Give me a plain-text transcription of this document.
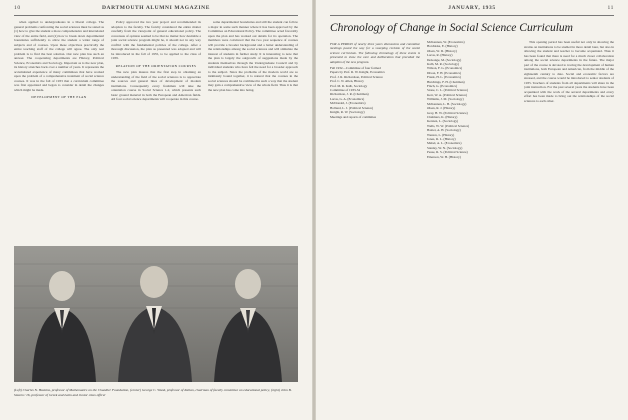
10	DARTMOUTH ALUMNI MAGAZINE

when applied to undergraduates in a liberal college. The general problems confronting the social sciences must be stated as (1) how to give the student a more comprehensive and interrelated view of the entire field, and (2) how to break down departmental boundaries sufficiently to allow the student a wider range of subjects and of courses. Upon these objectives practically the entire teaching staff of the college will agree. The only real problem is to find the best solution. Our new plan has such an answer. The cooperating departments are History, Political Science, Economics and Sociology. Important as is the new plan, its history stretches back over a number of years. It represents the accumulated experience of many committees that have worked upon the problem of a comprehensive treatment of social science courses. It was in the fall of 1933 that a curriculum committee was first appointed and began to consider in detail the changes which might be made.

DEVELOPMENT OF THE PLAN

Policy approved the two year project and recommended its adoption to the faculty. The faculty considered the entire matter carefully from the viewpoint of general educational policy. The concensus of opinion seemed to be that no matter how desirable a joint social science program might be, it should not in any way conflict with the fundamental policies of the college. After a thorough discussion, the plan as presented was adopted and will be introduced in the fall of 1935, to be applied to the class of 1939.

RELATION OF THE ORIENTATION COURSES

The new plan insures that the first step in obtaining an understanding of the field of the social sciences is to appreciate the sources and general lines of development of modern institutions. Consequently every freshman will take the orientation course in Social Science 1-2, which presents such basic ground material in both the European and American fields. All four social science departments will cooperate in this course.

some departmental boundaries and still the student can follow a major in some such manner where it has been approved by the Committee on Educational Policy. The committee acted favorably upon the plan and has worked out details for its operation. The members were convinced that the two year sequence of courses will provide a broader background and a better understanding of the relationships among the social sciences and will stimulate the interest of students in further study. It is interesting to note that the plan is largely the outgrowth of suggestions made by the students themselves through the Undergraduate Council and by individual students who have felt the need for a broader approach to the subject. Since the problems of the modern world are so intimately bound together, it is natural that the courses in the social sciences should be combined in such a way that the student may gain a comprehensive view of the whole field. Thus it is that the new plan has come into being.

(Left) Charles N. Haskins, professor of Mathematics on the Chandler Foundation, (center) George C. Wood, professor of Italian, chairman of faculty committee on educational policy, (right) John B. Stearns '16, professor of Greek and Latin and Junior class officer
JANUARY, 1935	11
Chronology of Change in Social Science Curriculum
FOR A PERIOD of nearly three years discussions and committee meetings paved the way for a sweeping revision of the social science curriculum. The following chronology of these events is presented to show the care and deliberation that preceded the adoption of the new program.
Fall 1932—Committee of four formed
Papers by Prof. R. W. Knight, Economics
Prof. J. R. Richardson, Political Science
Prof. C. N. Allen, History
Prof. M. R. Kalb, Sociology
Committee of 1933-34
Richardson, J. R. (Chairman)
Lucas, G. A. (Economics)
McDonald, J. (Economics)
Holland, L. J. (Political Science)
Knight, R. W. (Sociology)
Meetings and reports of committee
McKennan, W. (Economics)
Hotchkiss, E. (History)
Olsen, W. D. (History)
Lucas, R. (History)
DeGange, M. (Sociology)
Kalb, M. R. (Sociology)
Wilson, F. G. (Economics)
Dixon, F. H. (Economics)
Frank, H. L. (Economics)
Hutchings, F. H. (Chairman)
Finch, G. (Economics)
Stone, C. L. (Political Science)
Kerr, W. A. (Political Science)
Williams, J. M. (Sociology)
McKennan, L. B. (Sociology)
Olsen, R. J. (History)
Gray, H. W. (Political Science)
Chalmers, K. (History)
Kersten, L. (Sociology)
Wells, W. W. (Political Science)
Baxter, A. H. (Sociology)
Weston, L. (History)
Jones, R. L. (History)
Mabel, A. L. (Economics)
Stanley, W. N. (Sociology)
Pease, R. S. (Political Science)
Emerson, W. H. (History)

This opening period has been useful not only in showing the strains on institutions to be studied in more detail later, but also in allowing the student and teacher to become acquainted. Thus it has been found that there is need for a much closer collaboration among the social science departments in the future. The major part of the course is devoted to tracing the development of human institutions, both European and American, from the middle of the eighteenth century to date. Social and economic factors are stressed, and the course would be introduced to senior students of 1935. Teachers of students from all departments will share in the joint instruction. For the past several years the students have been acquainted with the work of the several departments and every effort has been made to bring out the relationships of the social sciences to each other.
